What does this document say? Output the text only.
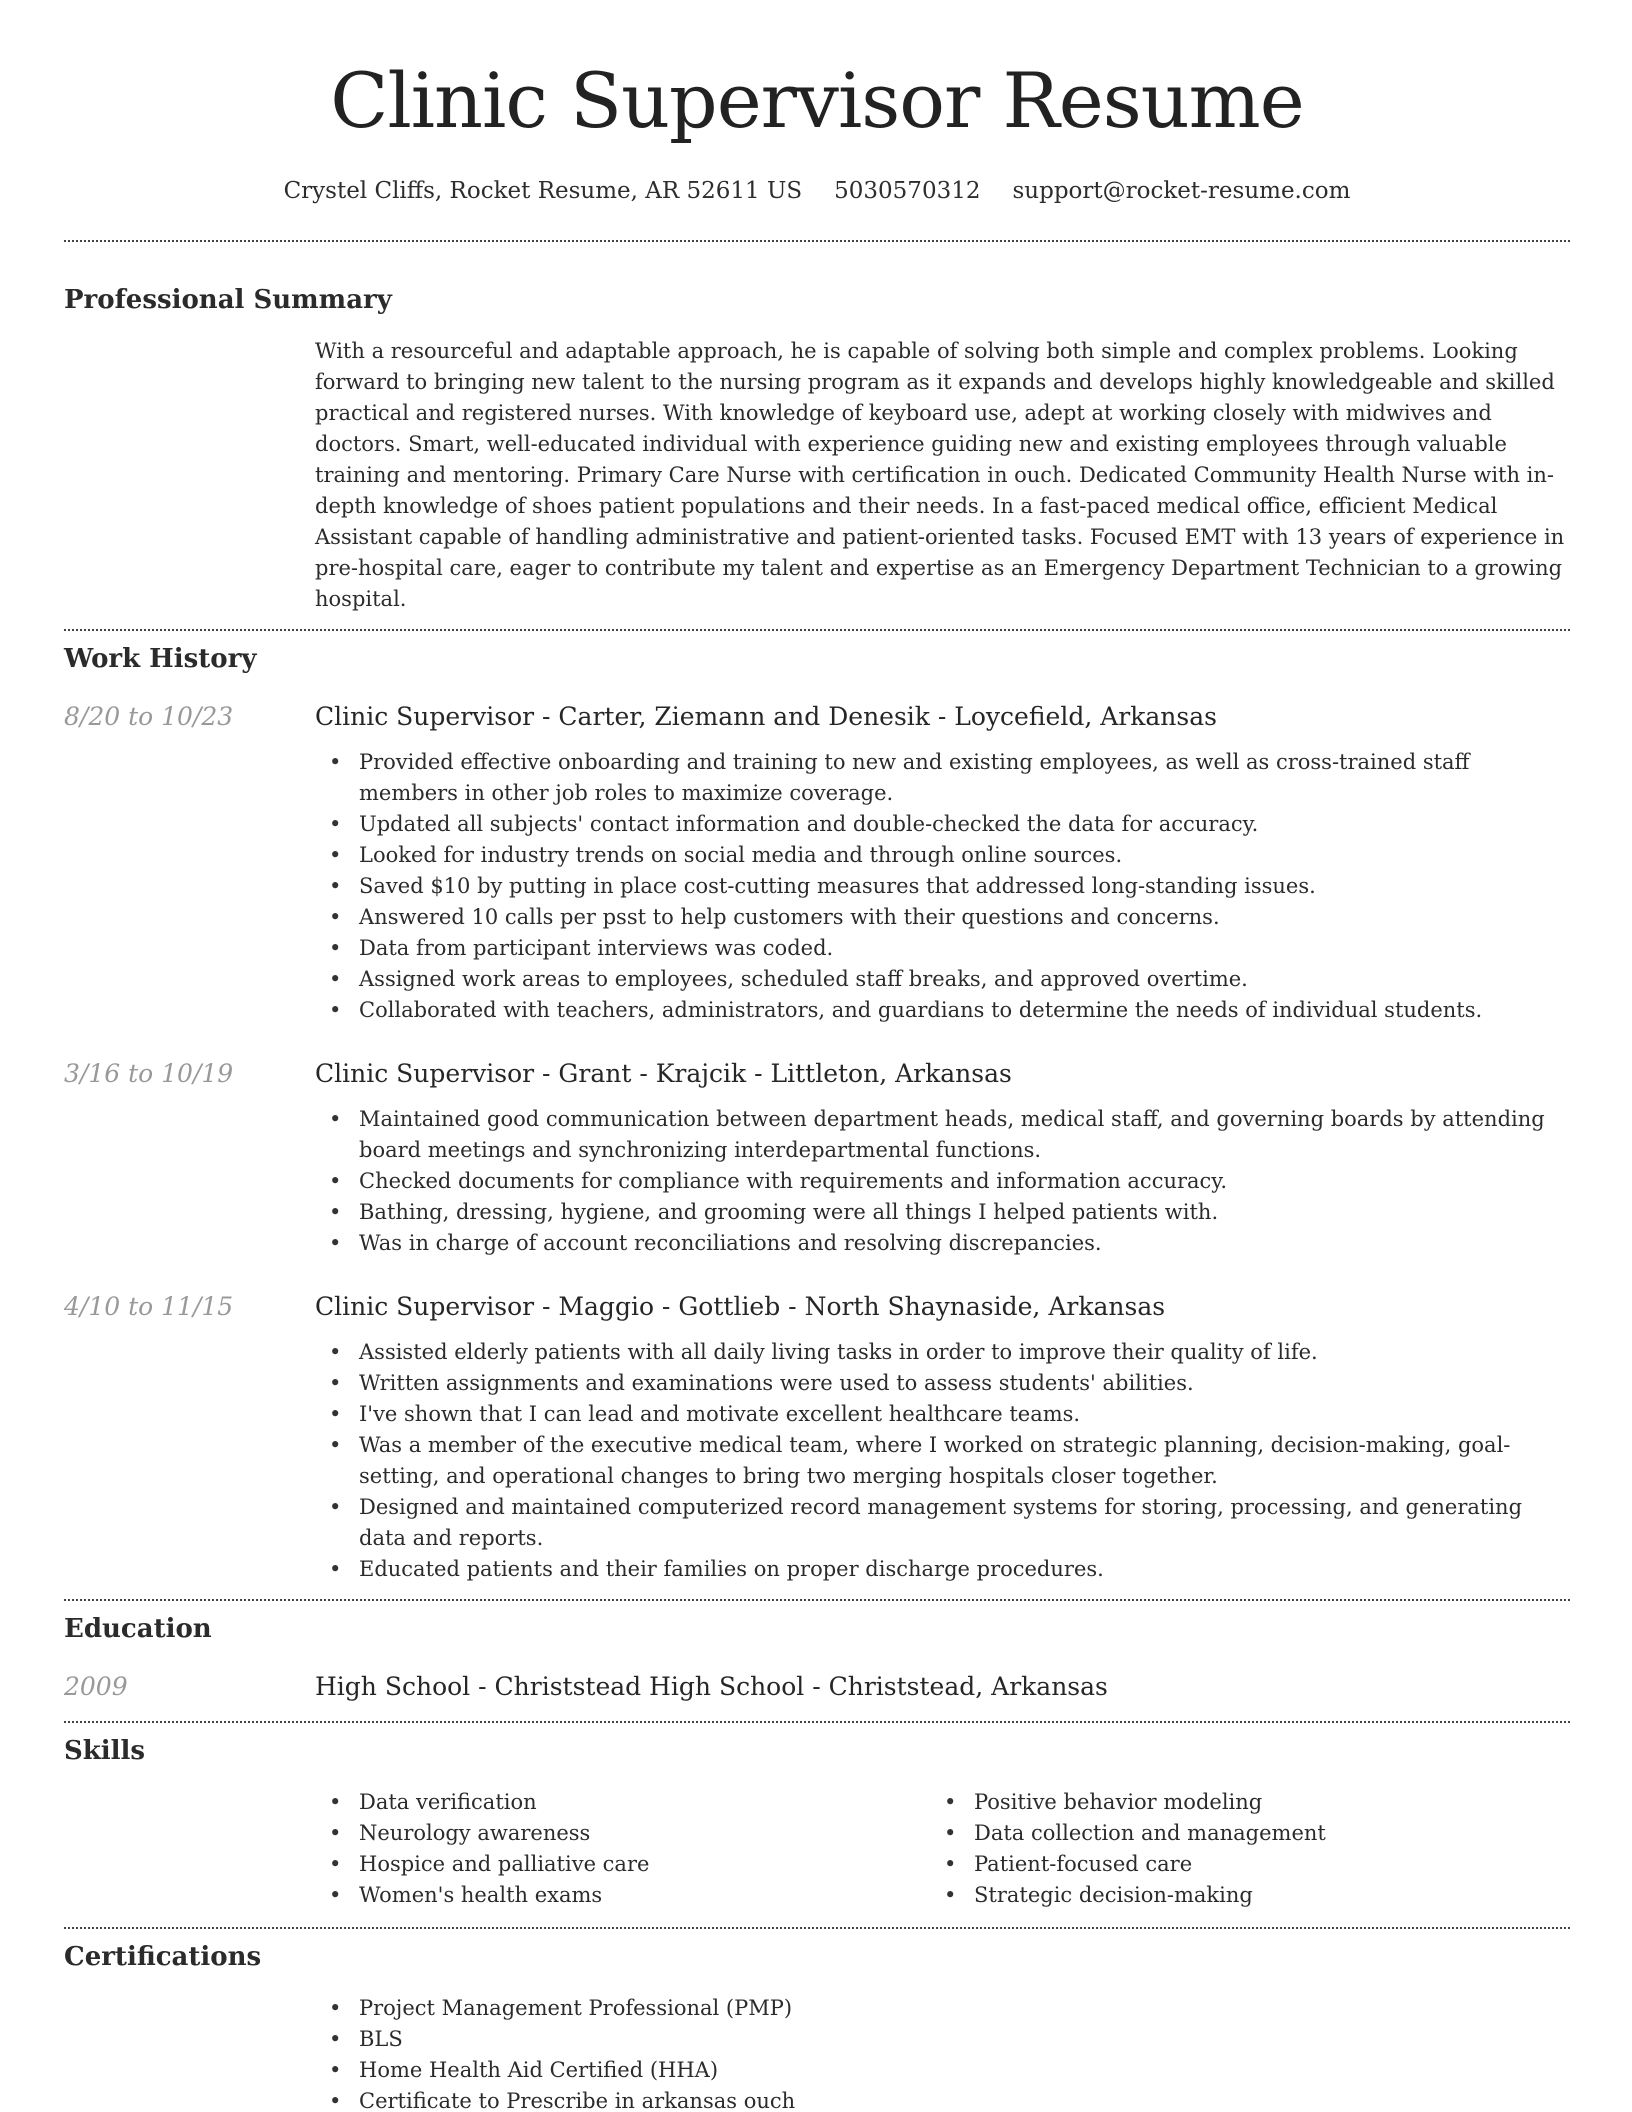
Clinic Supervisor Resume
Crystel Cliffs, Rocket Resume, AR 52611 US 5030570312 support@rocket-resume.com
Professional Summary

With a resourceful and adaptable approach, he is capable of solving both simple and complex problems. Looking forward to bringing new talent to the nursing program as it expands and develops highly knowledgeable and skilled practical and registered nurses. With knowledge of keyboard use, adept at working closely with midwives and doctors. Smart, well-educated individual with experience guiding new and existing employees through valuable training and mentoring. Primary Care Nurse with certification in ouch. Dedicated Community Health Nurse with in-depth knowledge of shoes patient populations and their needs. In a fast-paced medical office, efficient Medical Assistant capable of handling administrative and patient-oriented tasks. Focused EMT with 13 years of experience in pre-hospital care, eager to contribute my talent and expertise as an Emergency Department Technician to a growing hospital.

Work History
8/20 to 10/23	Clinic Supervisor - Carter, Ziemann and Denesik - Loycefield, Arkansas
• Provided effective onboarding and training to new and existing employees, as well as cross-trained staff members in other job roles to maximize coverage.
• Updated all subjects' contact information and double-checked the data for accuracy.
• Looked for industry trends on social media and through online sources.
• Saved $10 by putting in place cost-cutting measures that addressed long-standing issues.
• Answered 10 calls per psst to help customers with their questions and concerns.
• Data from participant interviews was coded.
• Assigned work areas to employees, scheduled staff breaks, and approved overtime.
• Collaborated with teachers, administrators, and guardians to determine the needs of individual students.
3/16 to 10/19	Clinic Supervisor - Grant - Krajcik - Littleton, Arkansas
• Maintained good communication between department heads, medical staff, and governing boards by attending board meetings and synchronizing interdepartmental functions.
• Checked documents for compliance with requirements and information accuracy.
• Bathing, dressing, hygiene, and grooming were all things I helped patients with.
• Was in charge of account reconciliations and resolving discrepancies.
4/10 to 11/15	Clinic Supervisor - Maggio - Gottlieb - North Shaynaside, Arkansas
• Assisted elderly patients with all daily living tasks in order to improve their quality of life.
• Written assignments and examinations were used to assess students' abilities.
• I've shown that I can lead and motivate excellent healthcare teams.
• Was a member of the executive medical team, where I worked on strategic planning, decision-making, goal-setting, and operational changes to bring two merging hospitals closer together.
• Designed and maintained computerized record management systems for storing, processing, and generating data and reports.
• Educated patients and their families on proper discharge procedures.
Education
2009	High School - Christstead High School - Christstead, Arkansas
Skills
• Data verification
• Neurology awareness
• Hospice and palliative care
• Women's health exams
• Positive behavior modeling
• Data collection and management
• Patient-focused care
• Strategic decision-making
Certifications
• Project Management Professional (PMP)
• BLS
• Home Health Aid Certified (HHA)
• Certificate to Prescribe in arkansas ouch
